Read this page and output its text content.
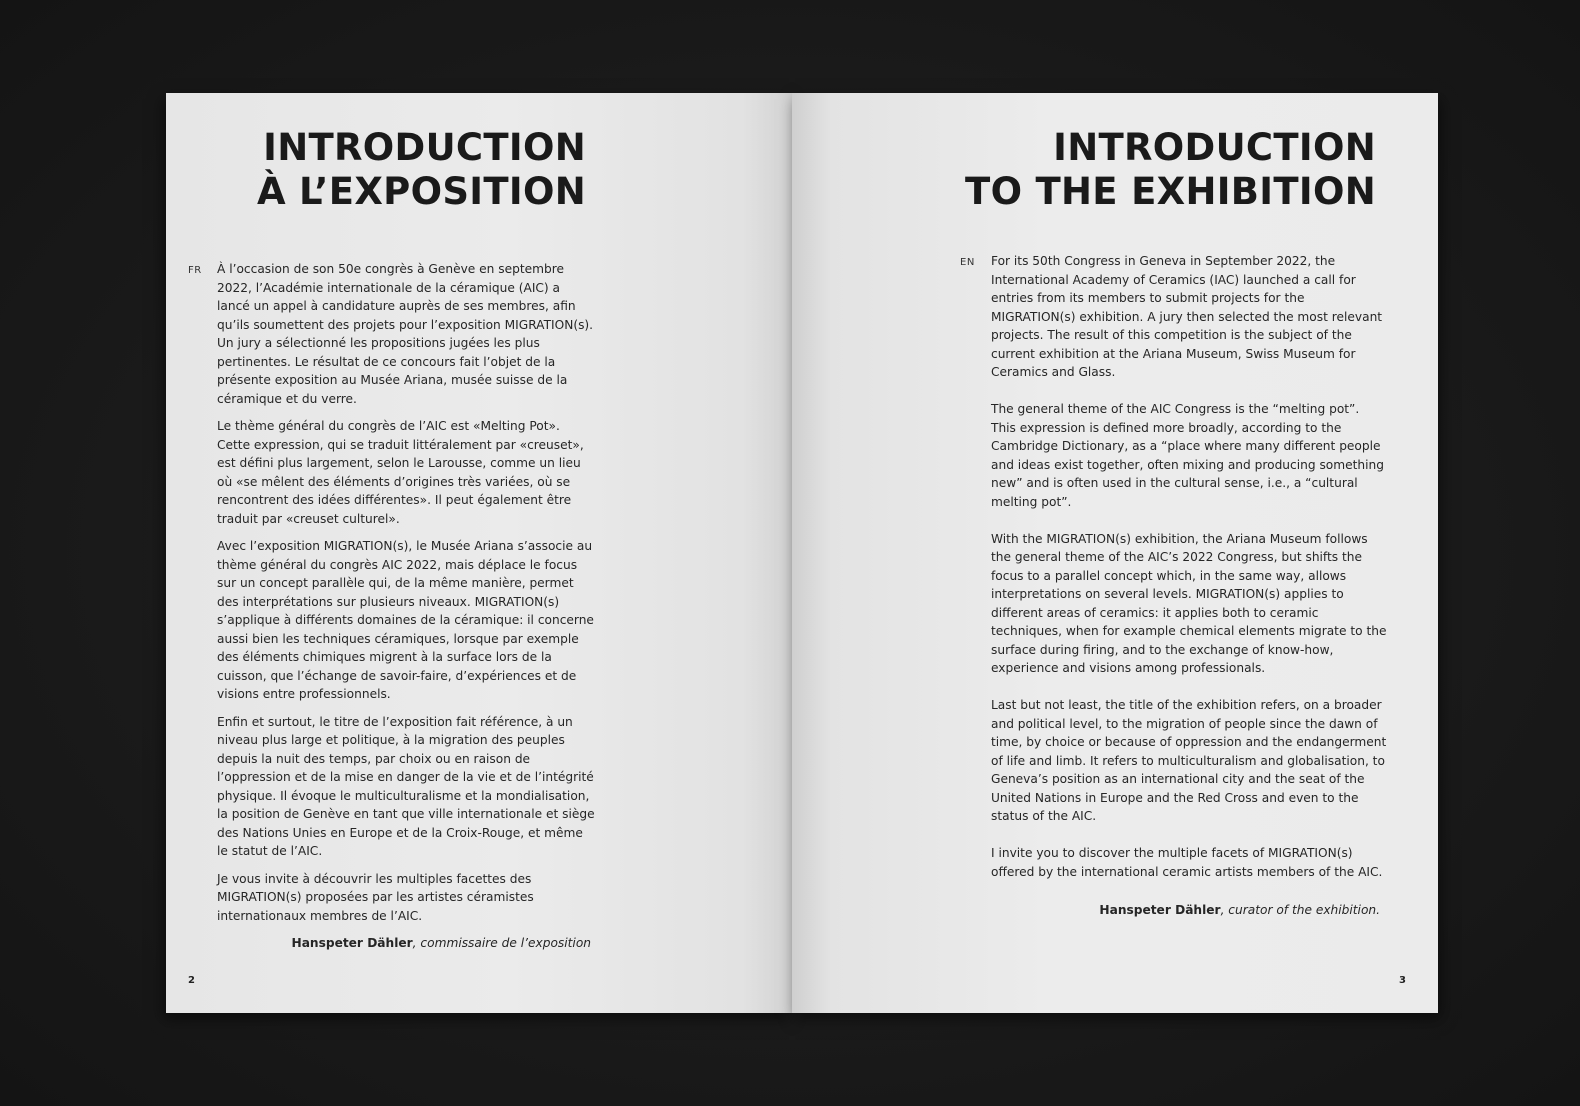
INTRODUCTION
À L’EXPOSITION
FR À l’occasion de son 50e congrès à Genève en septembre 2022, l’Académie internationale de la céramique (AIC) a lancé un appel à candidature auprès de ses membres, afin qu’ils soumettent des projets pour l’exposition MIGRATION(s). Un jury a sélectionné les propositions jugées les plus pertinentes. Le résultat de ce concours fait l’objet de la présente exposition au Musée Ariana, musée suisse de la céramique et du verre.

Le thème général du congrès de l’AIC est «Melting Pot». Cette expression, qui se traduit littéralement par «creuset», est défini plus largement, selon le Larousse, comme un lieu où «se mêlent des éléments d’origines très variées, où se rencontrent des idées différentes». Il peut également être traduit par «creuset culturel».

Avec l’exposition MIGRATION(s), le Musée Ariana s’associe au thème général du congrès AIC 2022, mais déplace le focus sur un concept parallèle qui, de la même manière, permet des interprétations sur plusieurs niveaux. MIGRATION(s) s’applique à différents domaines de la céramique: il concerne aussi bien les techniques céramiques, lorsque par exemple des éléments chimiques migrent à la surface lors de la cuisson, que l’échange de savoir-faire, d’expériences et de visions entre professionnels.

Enfin et surtout, le titre de l’exposition fait référence, à un niveau plus large et politique, à la migration des peuples depuis la nuit des temps, par choix ou en raison de l’oppression et de la mise en danger de la vie et de l’intégrité physique. Il évoque le multiculturalisme et la mondialisation, la position de Genève en tant que ville internationale et siège des Nations Unies en Europe et de la Croix-Rouge, et même le statut de l’AIC.

Je vous invite à découvrir les multiples facettes des MIGRATION(s) proposées par les artistes céramistes internationaux membres de l’AIC.

Hanspeter Dähler, commissaire de l’exposition
2
INTRODUCTION
TO THE EXHIBITION
EN For its 50th Congress in Geneva in September 2022, the International Academy of Ceramics (IAC) launched a call for entries from its members to submit projects for the MIGRATION(s) exhibition. A jury then selected the most relevant projects. The result of this competition is the subject of the current exhibition at the Ariana Museum, Swiss Museum for Ceramics and Glass.

The general theme of the AIC Congress is the “melting pot”. This expression is defined more broadly, according to the Cambridge Dictionary, as a “place where many different people and ideas exist together, often mixing and producing something new” and is often used in the cultural sense, i.e., a “cultural melting pot”.

With the MIGRATION(s) exhibition, the Ariana Museum follows the general theme of the AIC’s 2022 Congress, but shifts the focus to a parallel concept which, in the same way, allows interpretations on several levels. MIGRATION(s) applies to different areas of ceramics: it applies both to ceramic techniques, when for example chemical elements migrate to the surface during firing, and to the exchange of know-how, experience and visions among professionals.

Last but not least, the title of the exhibition refers, on a broader and political level, to the migration of people since the dawn of time, by choice or because of oppression and the endangerment of life and limb. It refers to multiculturalism and globalisation, to Geneva’s position as an international city and the seat of the United Nations in Europe and the Red Cross and even to the status of the AIC.

I invite you to discover the multiple facets of MIGRATION(s) offered by the international ceramic artists members of the AIC.

Hanspeter Dähler, curator of the exhibition.
3
